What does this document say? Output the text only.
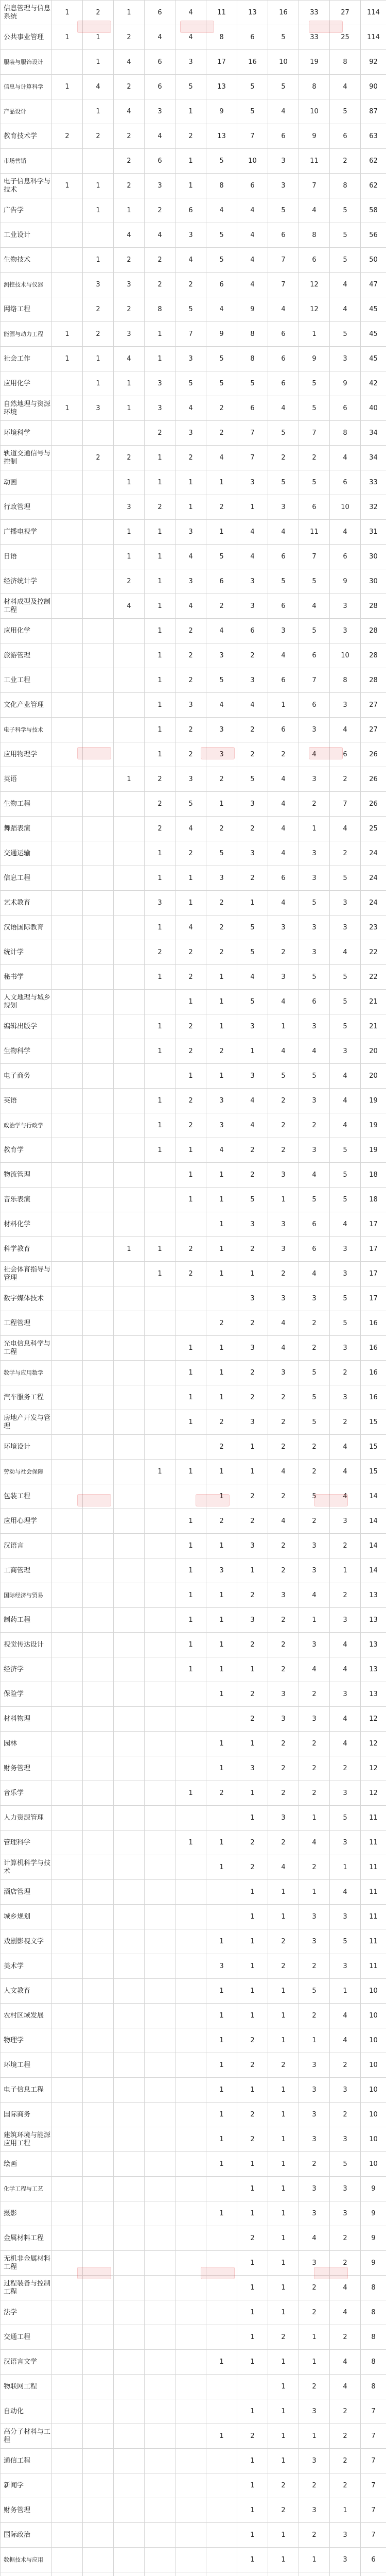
信息管理与信息系统	1	2	1	6	4	11	13	16	33	27	114
公共事业管理	1	1	2	4	4	8	6	5	33	25	114
服装与服饰设计		1	4	6	3	17	16	10	19	8	92
信息与计算科学	1	4	2	6	5	13	5	5	8	4	90
产品设计		1	4	3	1	9	5	4	10	5	87
教育技术学	2	2	2	4	2	13	7	6	9	6	63
市场营销			2	6	1	5	10	3	11	2	62
电子信息科学与技术	1	1	2	3	1	8	6	3	7	8	62
广告学		1	1	2	6	4	4	5	4	5	58
工业设计			4	4	3	5	4	6	8	5	56
生物技术		1	2	2	4	5	4	7	6	5	50
测控技术与仪器		3	3	2	2	6	4	7	12	4	47
网络工程		2	2	8	5	4	9	4	12	4	45
能源与动力工程	1	2	3	1	7	9	8	6	1	5	45
社会工作	1	1	4	1	3	5	8	6	9	3	45
应用化学		1	1	3	5	5	5	6	5	9	42
自然地理与资源环境	1	3	1	3	4	2	6	4	5	6	40
环境科学				2	3	2	7	5	7	8	34
轨道交通信号与控制		2	2	1	2	4	7	2	2	4	34
动画			1	1	1	1	3	5	5	6	33
行政管理			3	2	1	2	1	3	6	10	32
广播电视学			1	1	3	1	4	4	11	4	31
日语			1	1	4	5	4	6	7	6	30
经济统计学			2	1	3	6	3	5	5	9	30
材料成型及控制工程			4	1	4	2	3	6	4	3	28
应用化学				1	2	4	6	3	5	3	28
旅游管理				1	2	3	2	4	6	10	28
工业工程				1	2	5	3	6	7	8	28
文化产业管理				1	3	4	4	1	6	3	27
电子科学与技术				1	2	3	2	6	3	4	27
应用物理学				1	2	3	2	2	4	6	26
英语			1	2	3	2	5	4	3	2	26
生物工程				2	5	1	3	4	2	7	26
舞蹈表演				2	4	2	2	4	1	4	25
交通运输				1	2	5	3	4	3	2	24
信息工程				1	1	3	2	6	3	5	24
艺术教育				3	1	2	1	4	5	3	24
汉语国际教育				1	4	2	5	3	3	3	23
统计学				2	2	2	5	2	3	4	22
秘书学				1	2	1	4	3	5	5	22
人文地理与城乡规划					1	1	5	4	6	5	21
编辑出版学				1	2	1	3	1	3	5	21
生物科学				1	2	2	1	4	4	3	20
电子商务					1	1	3	5	5	4	20
英语				1	2	3	4	2	3	4	19
政治学与行政学				1	2	3	4	2	2	4	19
教育学				1	1	4	2	2	3	5	19
物流管理					1	1	2	3	4	5	18
音乐表演					1	1	5	1	5	5	18
材料化学						1	3	3	6	4	17
科学教育			1	1	2	1	2	3	6	3	17
社会体育指导与管理				1	2	1	1	2	4	3	17
数字媒体技术							3	3	3	5	17
工程管理						2	2	4	2	5	16
光电信息科学与工程					1	1	3	4	2	3	16
数学与应用数学					1	1	2	3	5	2	16
汽车服务工程					1	1	2	2	5	3	16
房地产开发与管理					1	2	3	2	5	2	15
环境设计						2	1	2	2	4	15
劳动与社会保障				1	1	1	1	4	2	4	15
包装工程						1	2	2	5	4	14
应用心理学					1	2	2	4	2	3	14
汉语言					1	1	3	2	3	2	14
工商管理					1	3	1	2	3	1	14
国际经济与贸易					1	1	2	3	4	2	13
制药工程					1	1	3	2	1	3	13
视觉传达设计					1	1	2	2	3	4	13
经济学					1	1	1	2	4	4	13
保险学						1	2	3	2	3	13
材料物理							2	3	3	4	12
园林						1	1	2	2	4	12
财务管理						1	3	2	2	2	12
音乐学					1	2	1	2	2	3	12
人力资源管理							1	3	1	5	11
管理科学					1	1	2	2	4	3	11
计算机科学与技术						1	2	4	2	1	11
酒店管理							1	1	1	4	11
城乡规划							1	1	3	3	11
戏剧影视文学						1	1	2	3	5	11
美术学						3	1	2	2	3	11
人文教育						1	1	1	5	1	10
农村区域发展						1	1	1	2	4	10
物理学						1	2	1	1	4	10
环境工程						1	2	2	3	2	10
电子信息工程						1	1	1	3	3	10
国际商务						1	2	1	3	2	10
建筑环境与能源应用工程						1	2	1	3	3	10
绘画						1	1	1	2	5	10
化学工程与工艺							1	1	3	3	9
摄影						1	1	1	3	3	9
金属材料工程							2	1	4	2	9
无机非金属材料工程							1	1	3	2	9
过程装备与控制工程							1	1	2	4	8
法学							1	1	2	4	8
交通工程							1	2	1	2	8
汉语言文学						1	1	1	1	4	8
物联网工程								1	2	4	8
自动化							1	1	3	2	7
高分子材料与工程						1	2	1	1	2	7
通信工程							1	1	3	2	7
新闻学							1	2	2	2	7
财务管理							1	2	3	1	7
国际政治							1	1	2	3	7
数据技术与应用							1	1	1	3	6
